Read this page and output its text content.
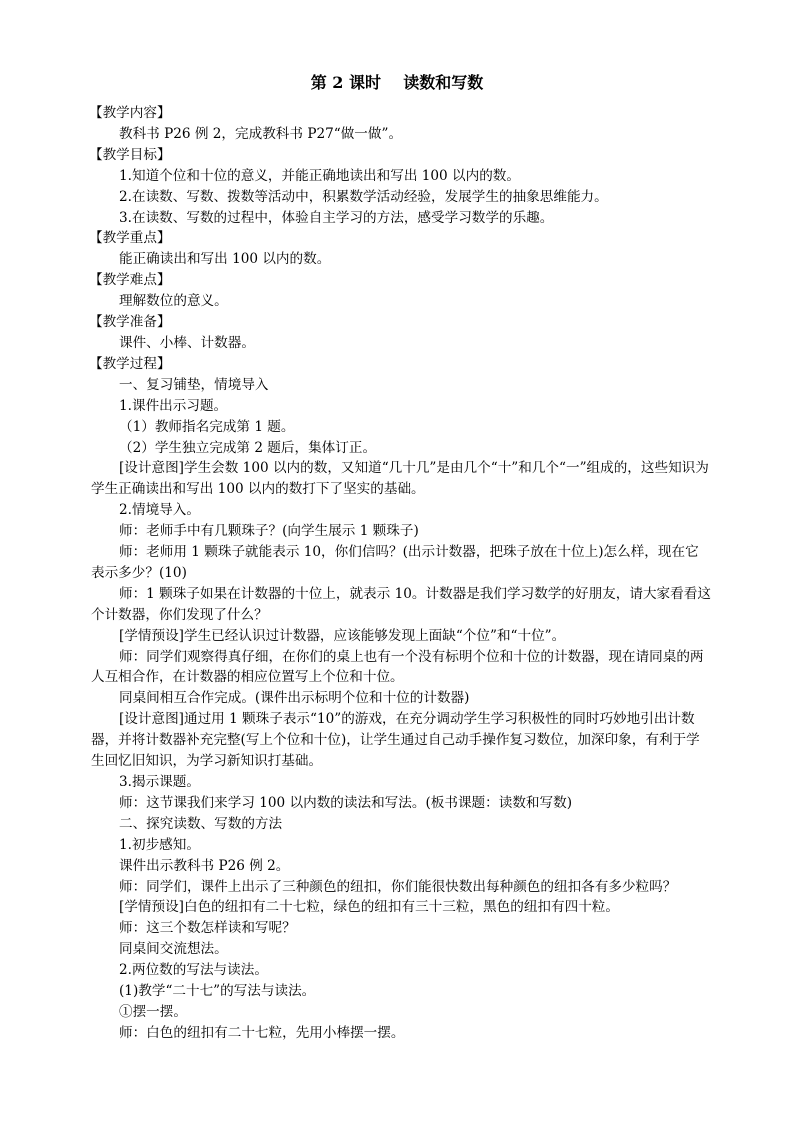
第 2 课时    读数和写数

【教学内容】

教科书 P26 例 2，完成教科书 P27“做一做”。

【教学目标】

1.知道个位和十位的意义，并能正确地读出和写出 100 以内的数。

2.在读数、写数、拨数等活动中，积累数学活动经验，发展学生的抽象思维能力。

3.在读数、写数的过程中，体验自主学习的方法，感受学习数学的乐趣。

【教学重点】

能正确读出和写出 100 以内的数。

【教学难点】

理解数位的意义。

【教学准备】

课件、小棒、计数器。

【教学过程】

一、复习铺垫，情境导入

1.课件出示习题。

（1）教师指名完成第 1 题。

（2）学生独立完成第 2 题后，集体订正。

[设计意图]学生会数 100 以内的数，又知道“几十几”是由几个“十”和几个“一”组成的，这些知识为学生正确读出和写出 100 以内的数打下了坚实的基础。

2.情境导入。

师：老师手中有几颗珠子？(向学生展示 1 颗珠子)

师：老师用 1 颗珠子就能表示 10，你们信吗？(出示计数器，把珠子放在十位上)怎么样，现在它表示多少？(10)

师：1 颗珠子如果在计数器的十位上，就表示 10。计数器是我们学习数学的好朋友，请大家看看这个计数器，你们发现了什么？

[学情预设]学生已经认识过计数器，应该能够发现上面缺“个位”和“十位”。

师：同学们观察得真仔细，在你们的桌上也有一个没有标明个位和十位的计数器，现在请同桌的两人互相合作，在计数器的相应位置写上个位和十位。

同桌间相互合作完成。(课件出示标明个位和十位的计数器)

[设计意图]通过用 1 颗珠子表示“10”的游戏，在充分调动学生学习积极性的同时巧妙地引出计数器，并将计数器补充完整(写上个位和十位)，让学生通过自己动手操作复习数位，加深印象，有利于学生回忆旧知识，为学习新知识打基础。

3.揭示课题。

师：这节课我们来学习 100 以内数的读法和写法。(板书课题：读数和写数)

二、探究读数、写数的方法

1.初步感知。

课件出示教科书 P26 例 2。

师：同学们，课件上出示了三种颜色的纽扣，你们能很快数出每种颜色的纽扣各有多少粒吗？

[学情预设]白色的纽扣有二十七粒，绿色的纽扣有三十三粒，黑色的纽扣有四十粒。

师：这三个数怎样读和写呢？

同桌间交流想法。

2.两位数的写法与读法。

(1)教学“二十七”的写法与读法。

①摆一摆。

师：白色的纽扣有二十七粒，先用小棒摆一摆。
